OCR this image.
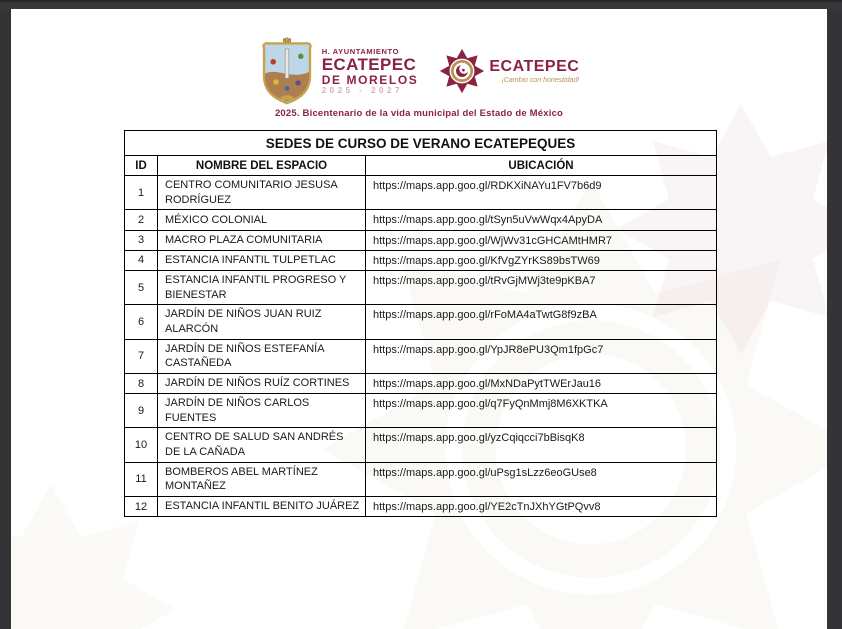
H. AYUNTAMIENTO
ECATEPEC
DE MORELOS
2025 - 2027
ECATEPEC
¡Cambio con honestidad!
2025. Bicentenario de la vida municipal del Estado de México
SEDES DE CURSO DE VERANO ECATEPEQUES		
ID	NOMBRE DEL ESPACIO	UBICACIÓN
1	CENTRO COMUNITARIO JESUSA RODRÍGUEZ	https://maps.app.goo.gl/RDKXiNAYu1FV7b6d9
2	MÉXICO COLONIAL	https://maps.app.goo.gl/tSyn5uVwWqx4ApyDA
3	MACRO PLAZA COMUNITARIA	https://maps.app.goo.gl/WjWv31cGHCAMtHMR7
4	ESTANCIA INFANTIL TULPETLAC	https://maps.app.goo.gl/KfVgZYrKS89bsTW69
5	ESTANCIA INFANTIL PROGRESO Y BIENESTAR	https://maps.app.goo.gl/tRvGjMWj3te9pKBA7
6	JARDÍN DE NIÑOS JUAN RUIZ ALARCÓN	https://maps.app.goo.gl/rFoMA4aTwtG8f9zBA
7	JARDÍN DE NIÑOS ESTEFANÍA CASTAÑEDA	https://maps.app.goo.gl/YpJR8ePU3Qm1fpGc7
8	JARDÍN DE NIÑOS RUÍZ CORTINES	https://maps.app.goo.gl/MxNDaPytTWErJau16
9	JARDÍN DE NIÑOS CARLOS FUENTES	https://maps.app.goo.gl/q7FyQnMmj8M6XKTKA
10	CENTRO DE SALUD SAN ANDRÉS DE LA CAÑADA	https://maps.app.goo.gl/yzCqiqcci7bBisqK8
11	BOMBEROS ABEL MARTÍNEZ MONTAÑEZ	https://maps.app.goo.gl/uPsg1sLzz6eoGUse8
12	ESTANCIA INFANTIL BENITO JUÁREZ	https://maps.app.goo.gl/YE2cTnJXhYGtPQvv8
